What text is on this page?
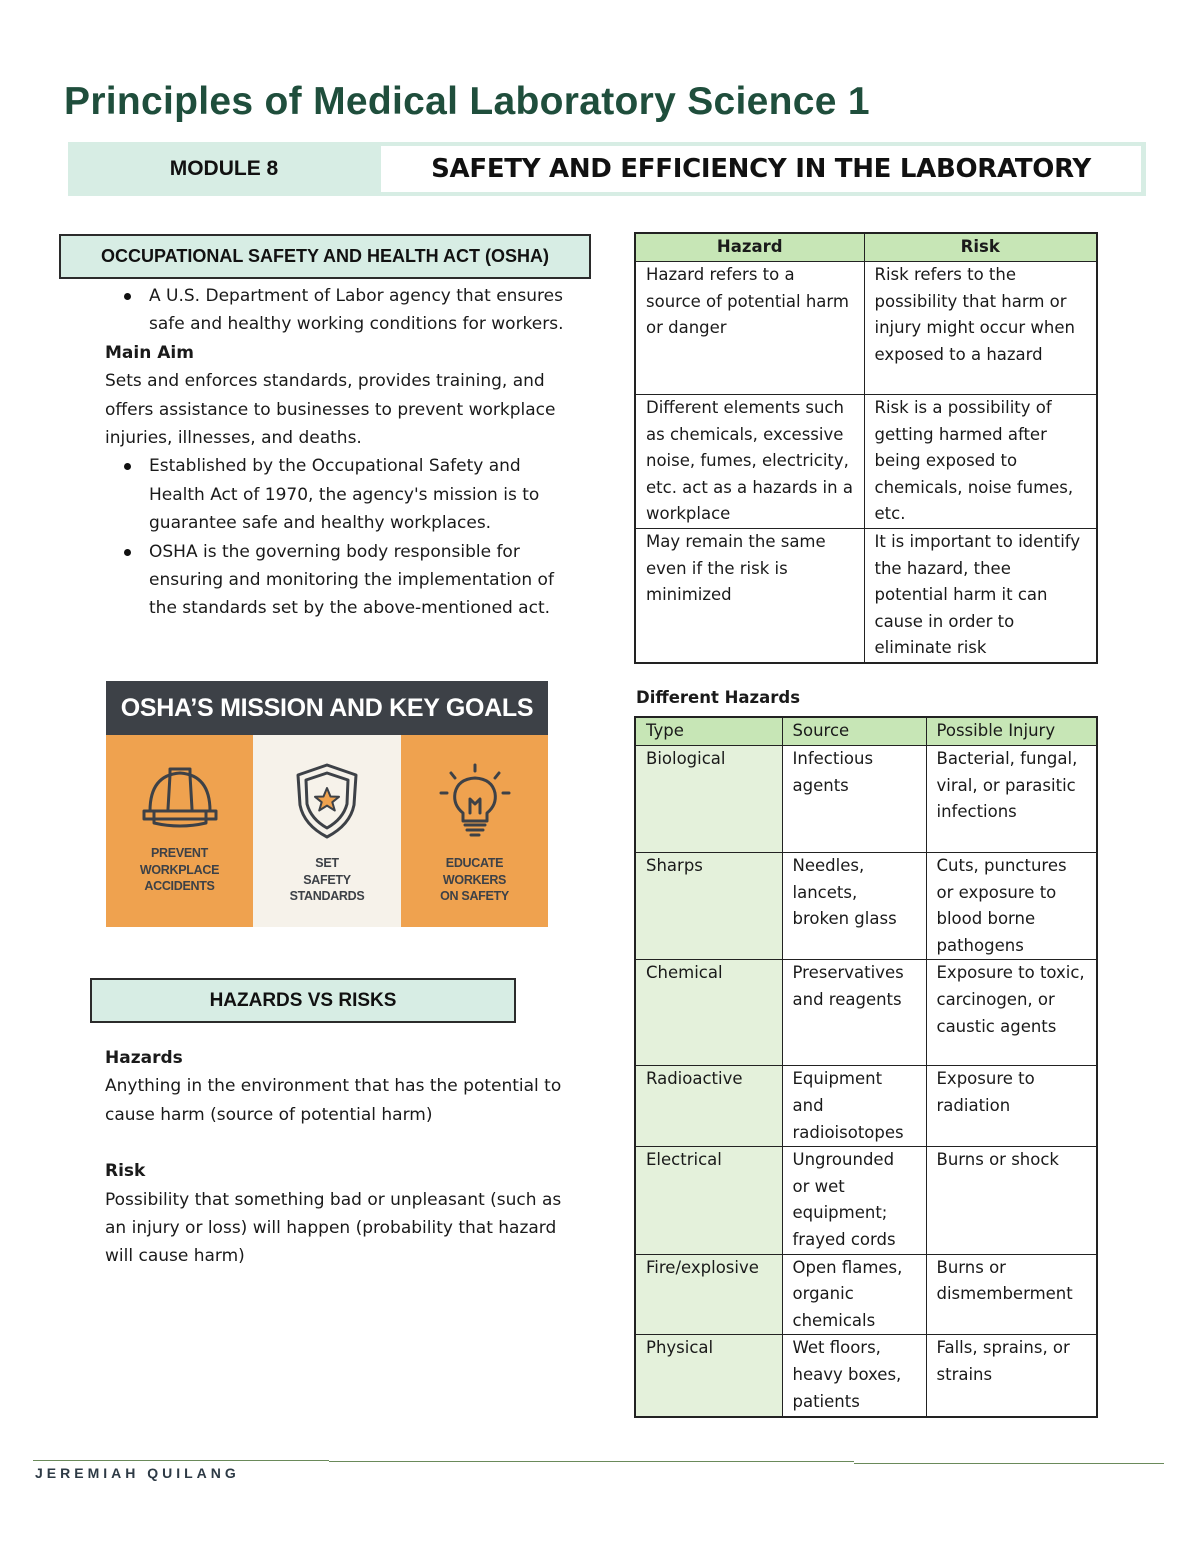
Principles of Medical Laboratory Science 1
MODULE 8	SAFETY AND EFFICIENCY IN THE LABORATORY
OCCUPATIONAL SAFETY AND HEALTH ACT (OSHA)
A U.S. Department of Labor agency that ensures safe and healthy working conditions for workers.

Main Aim

Sets and enforces standards, provides training, and offers assistance to businesses to prevent workplace injuries, illnesses, and deaths.

Established by the Occupational Safety and Health Act of 1970, the agency's mission is to guarantee safe and healthy workplaces.
OSHA is the governing body responsible for ensuring and monitoring the implementation of the standards set by the above-mentioned act.
OSHA’S MISSION AND KEY GOALS
PREVENT
WORKPLACE
ACCIDENTS
SET
SAFETY
STANDARDS
EDUCATE
WORKERS
ON SAFETY
HAZARDS VS RISKS

Hazards

Anything in the environment that has the potential to cause harm (source of potential harm)

Risk

Possibility that something bad or unpleasant (such as an injury or loss) will happen (probability that hazard will cause harm)

Hazard	Risk
Hazard refers to a source of potential harm or danger	Risk refers to the possibility that harm or injury might occur when exposed to a hazard
Different elements such as chemicals, excessive noise, fumes, electricity, etc. act as a hazards in a workplace	Risk is a possibility of getting harmed after being exposed to chemicals, noise fumes, etc.
May remain the same even if the risk is minimized	It is important to identify the hazard, thee potential harm it can cause in order to eliminate risk
Different Hazards
Type	Source	Possible Injury
Biological	Infectious agents	Bacterial, fungal, viral, or parasitic infections
Sharps	Needles, lancets, broken glass	Cuts, punctures or exposure to blood borne pathogens
Chemical	Preservatives and reagents	Exposure to toxic, carcinogen, or caustic agents
Radioactive	Equipment and radioisotopes	Exposure to radiation
Electrical	Ungrounded or wet equipment; frayed cords	Burns or shock
Fire/explosive	Open flames, organic chemicals	Burns or dismemberment
Physical	Wet floors, heavy boxes, patients	Falls, sprains, or strains
JEREMIAH QUILANG
